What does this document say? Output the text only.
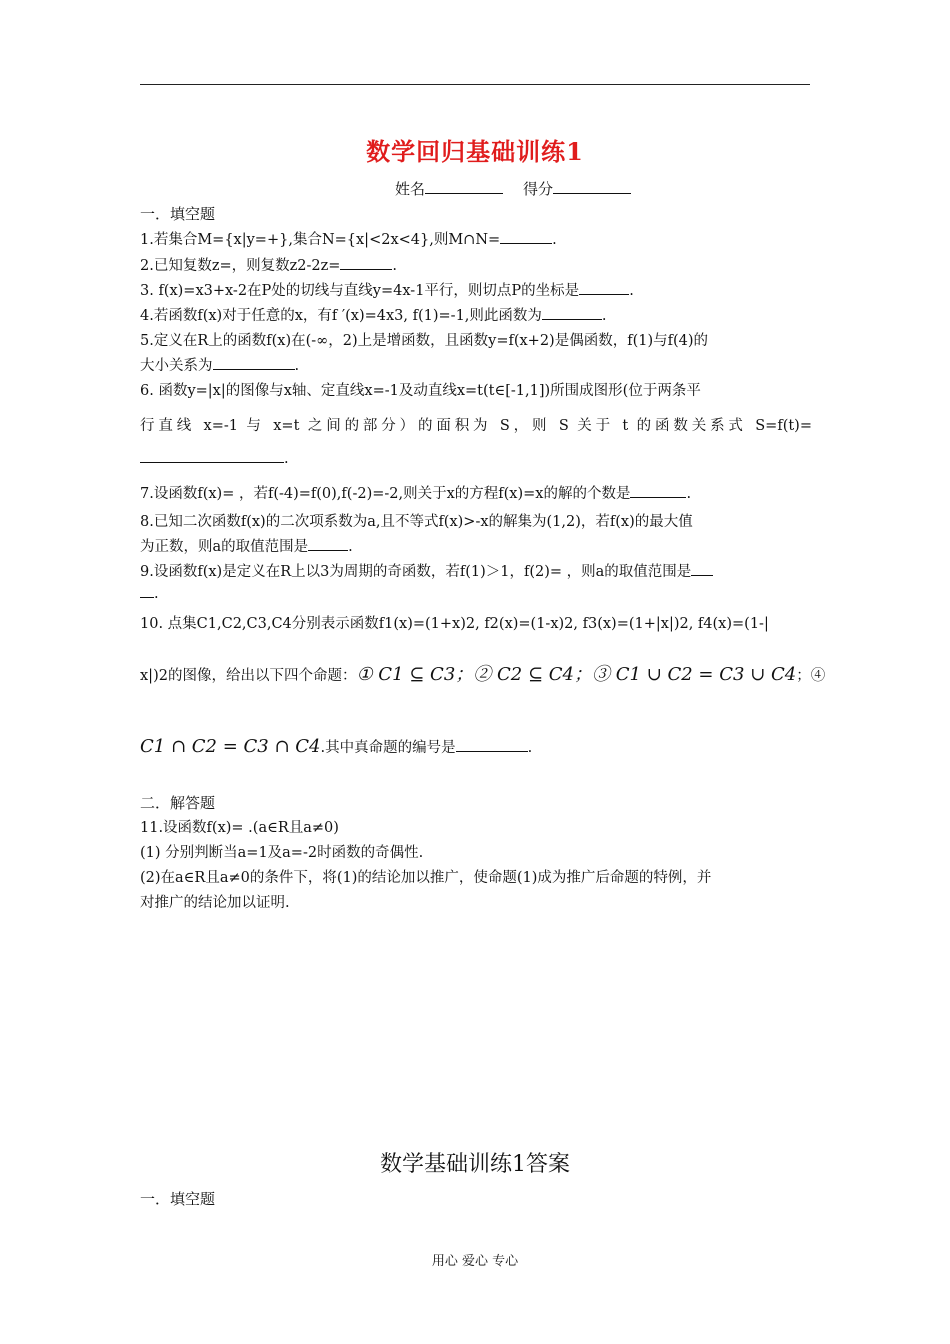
数学回归基础训练1
姓名	得分
一．填空题
1.若集合M={x|y=+},集合N={x|<2x<4},则M∩N=	.
2.已知复数z=，则复数z2-2z=	.
3. f(x)=x3+x-2在P处的切线与直线y=4x-1平行，则切点P的坐标是	.
4.若函数f(x)对于任意的x，有f ′(x)=4x3, f(1)=-1,则此函数为	.
5.定义在R上的函数f(x)在(-∞，2)上是增函数，且函数y=f(x+2)是偶函数，f(1)与f(4)的
大小关系为	.
6. 函数y=|x|的图像与x轴、定直线x=-1及动直线x=t(t∈[-1,1])所围成图形(位于两条平
行直线 x=-1 与 x=t 之间的部分）的面积为 S，则 S 关于 t 的函数关系式 S=f(t)=
.
7.设函数f(x)= ，若f(-4)=f(0),f(-2)=-2,则关于x的方程f(x)=x的解的个数是	.
8.已知二次函数f(x)的二次项系数为a,且不等式f(x)>-x的解集为(1,2)，若f(x)的最大值
为正数，则a的取值范围是	.
9.设函数f(x)是定义在R上以3为周期的奇函数，若f(1)＞1，f(2)= ，则a的取值范围是
.
10. 点集C1,C2,C3,C4分别表示函数f1(x)=(1+x)2, f2(x)=(1-x)2, f3(x)=(1+|x|)2, f4(x)=(1-|
x|)2的图像，给出以下四个命题：① C1 ⊆ C3；② C2 ⊆ C4；③ C1 ∪ C2 = C3 ∪ C4；④
C1 ∩ C2 = C3 ∩ C4.其中真命题的编号是	.
二．解答题
11.设函数f(x)= .(a∈R且a≠0)
(1) 分别判断当a=1及a=-2时函数的奇偶性.
(2)在a∈R且a≠0的条件下，将(1)的结论加以推广，使命题(1)成为推广后命题的特例，并
对推广的结论加以证明.
数学基础训练1答案
一．填空题
用心 爱心 专心
